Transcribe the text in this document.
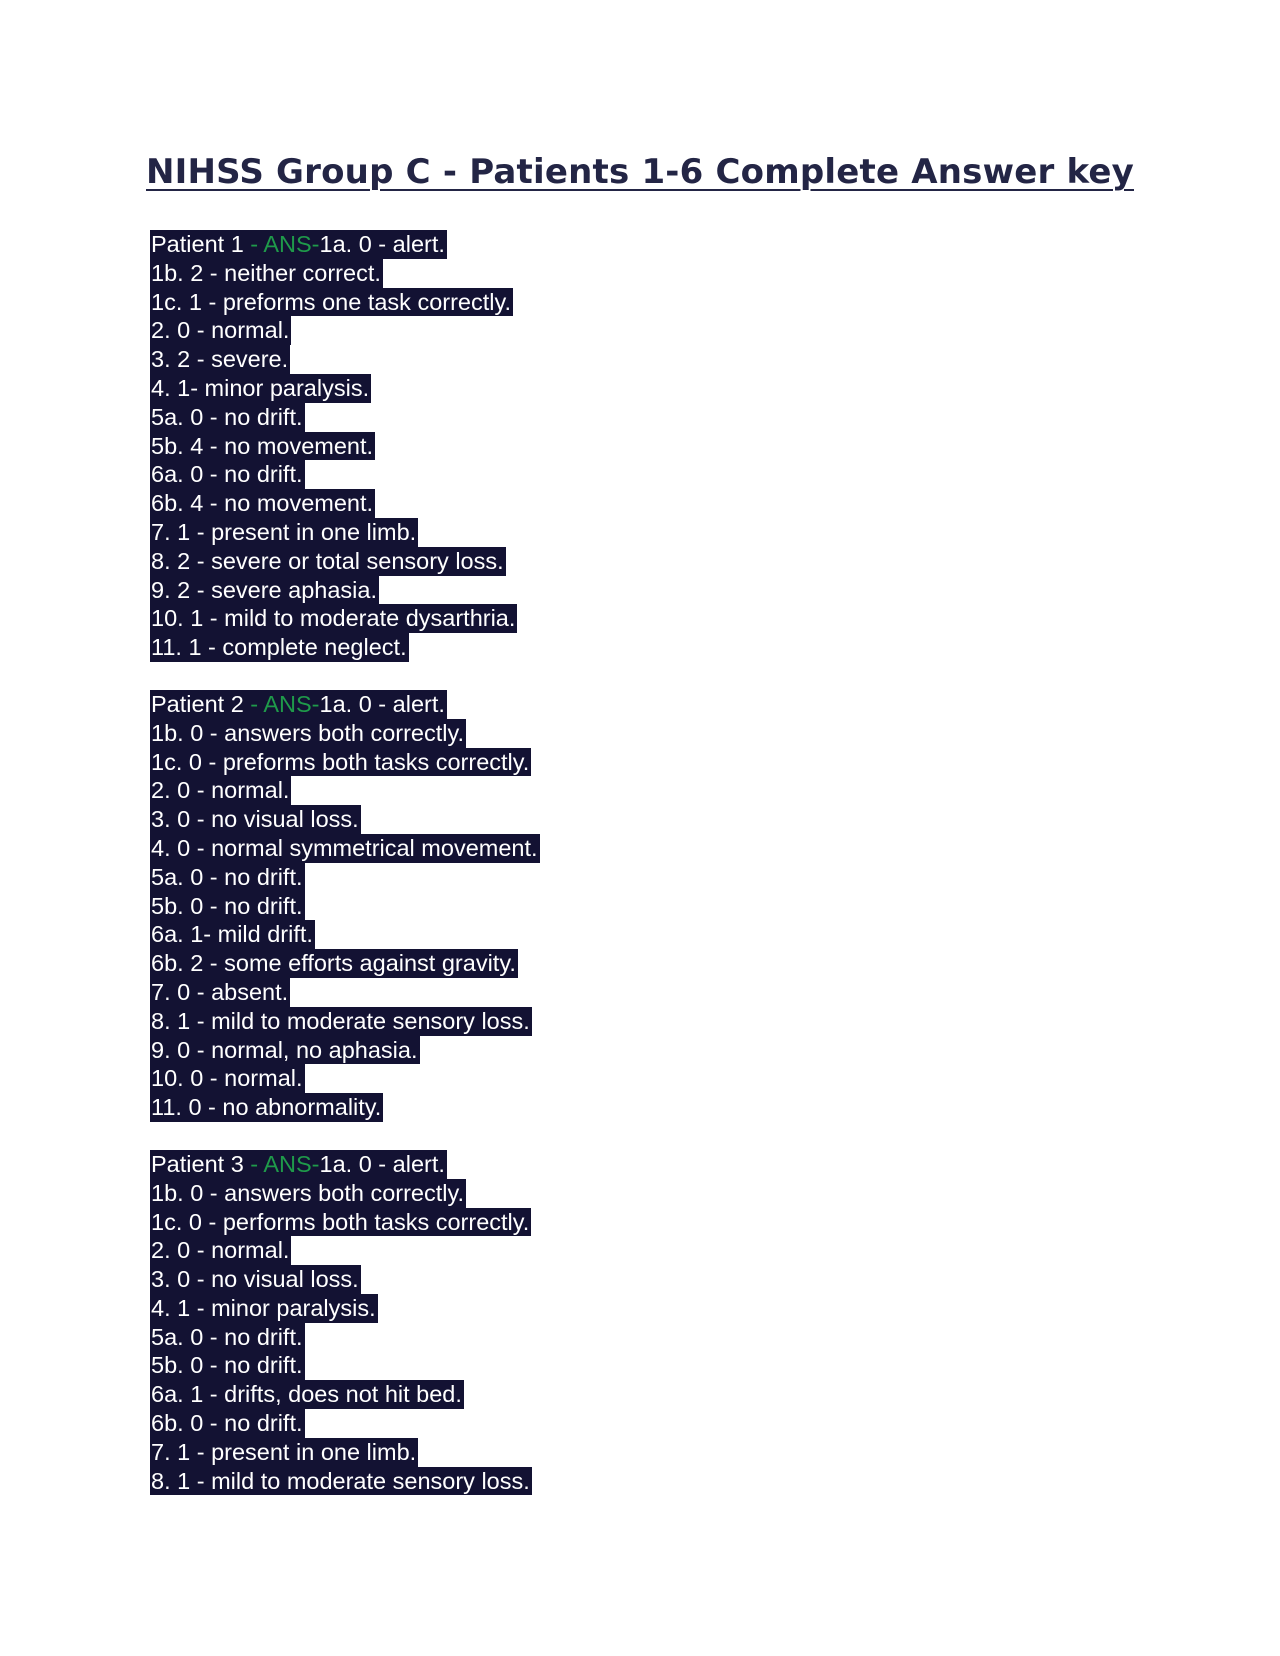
NIHSS Group C - Patients 1-6 Complete Answer key
Patient 1 - ANS-1a. 0 - alert.
1b. 2 - neither correct.
1c. 1 - preforms one task correctly.
2. 0 - normal.
3. 2 - severe.
4. 1- minor paralysis.
5a. 0 - no drift.
5b. 4 - no movement.
6a. 0 - no drift.
6b. 4 - no movement.
7. 1 - present in one limb.
8. 2 - severe or total sensory loss.
9. 2 - severe aphasia.
10. 1 - mild to moderate dysarthria.
11. 1 - complete neglect.
Patient 2 - ANS-1a. 0 - alert.
1b. 0 - answers both correctly.
1c. 0 - preforms both tasks correctly.
2. 0 - normal.
3. 0 - no visual loss.
4. 0 - normal symmetrical movement.
5a. 0 - no drift.
5b. 0 - no drift.
6a. 1- mild drift.
6b. 2 - some efforts against gravity.
7. 0 - absent.
8. 1 - mild to moderate sensory loss.
9. 0 - normal, no aphasia.
10. 0 - normal.
11. 0 - no abnormality.
Patient 3 - ANS-1a. 0 - alert.
1b. 0 - answers both correctly.
1c. 0 - performs both tasks correctly.
2. 0 - normal.
3. 0 - no visual loss.
4. 1 - minor paralysis.
5a. 0 - no drift.
5b. 0 - no drift.
6a. 1 - drifts, does not hit bed.
6b. 0 - no drift.
7. 1 - present in one limb.
8. 1 - mild to moderate sensory loss.
